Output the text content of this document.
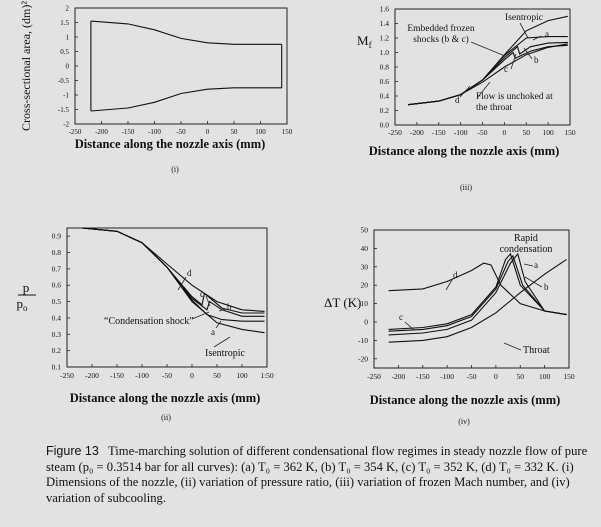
-2
-1.5
-1
-0.5
0
0.5
1
1.5
2
-250 -200 -150 -100 -50	0	50	100 150
Distance along the nozzle axis (mm)
Cross-sectional area, (dm)²
(i)
0.0
0.2
0.4
0.6
0.8
1.0
1.2
1.4
1.6
-250 -200 -150 -100 -50 0 50 100 150
Distance along the nozzle axis (mm)
$M_f$
(iii)
Isentropic
a
b
c
d
Embedded frozen shocks (b & c)
Flow is unchoked at the throat
0.1
0.2
0.3
0.4
0.5
0.6
0.7
0.8
0.9
-250 -200 -150 -100 -50 0	50 100 1:50
Distance along the nozzle axis (mm)
p
$p_o$
(ii)
d
c
b
a
“Condensation shock”
Isentropic	-20
-10
0
10
20
30
40
50
-250 -200 -150 -100 -50 0	50 100 150
Distance along the nozzle axis (mm)
ΔT (K)
(iv)
Rapid condensation
a
b
c
d
Throat
Figure 13 Time-marching solution of different condensational flow regimes in steady nozzle flow of pure steam (p₀ = 0.3514 bar for all curves): (a) T₀ = 362 K, (b) T₀ = 354 K, (c) T₀ = 352 K, (d) T₀ = 332 K. (i) Dimensions of the nozzle, (ii) variation of pressure ratio, (iii) variation of frozen Mach number, and (iv) variation of subcooling.
